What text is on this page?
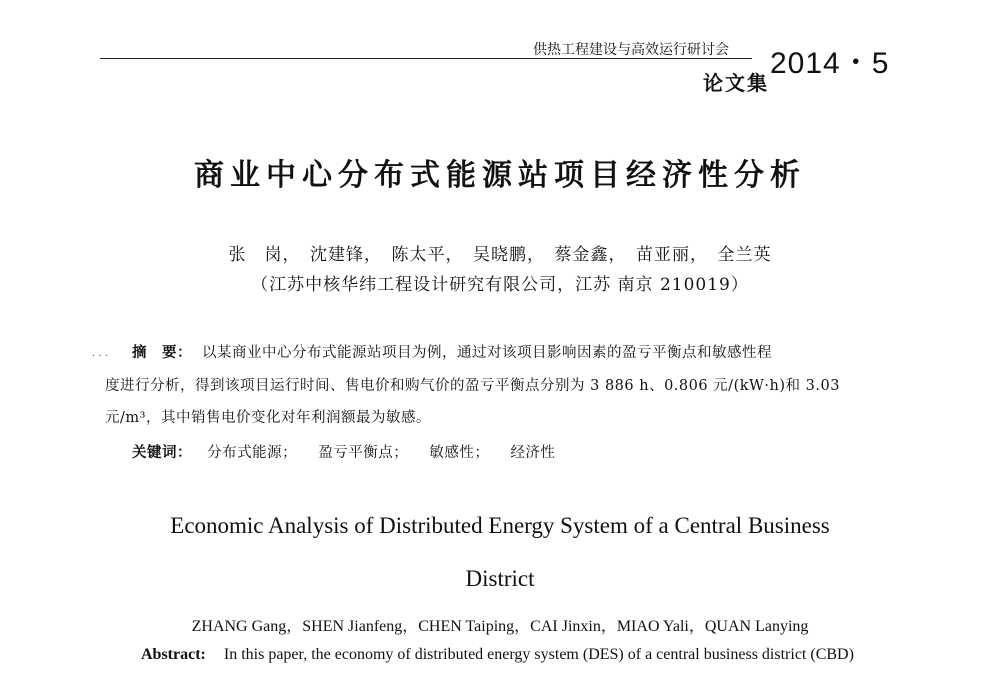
供热工程建设与高效运行研讨会 2014・5
论文集
商业中心分布式能源站项目经济性分析
张　岗，　沈建锋，　陈太平，　吴晓鹏，　蔡金鑫，　苗亚丽，　全兰英
（江苏中核华纬工程设计研究有限公司，江苏 南京 210019）
· · · 摘　要： 以某商业中心分布式能源站项目为例，通过对该项目影响因素的盈亏平衡点和敏感性程
度进行分析，得到该项目运行时间、售电价和购气价的盈亏平衡点分别为 3 886 h、0.806 元/(kW·h)和 3.03
元/m³，其中销售电价变化对年利润额最为敏感。
关键词： 分布式能源； 盈亏平衡点； 敏感性； 经济性
Economic Analysis of Distributed Energy System of a Central Business
District
ZHANG Gang，SHEN Jianfeng，CHEN Taiping，CAI Jinxin，MIAO Yali，QUAN Lanying
Abstract: In this paper, the economy of distributed energy system (DES) of a central business district (CBD)
